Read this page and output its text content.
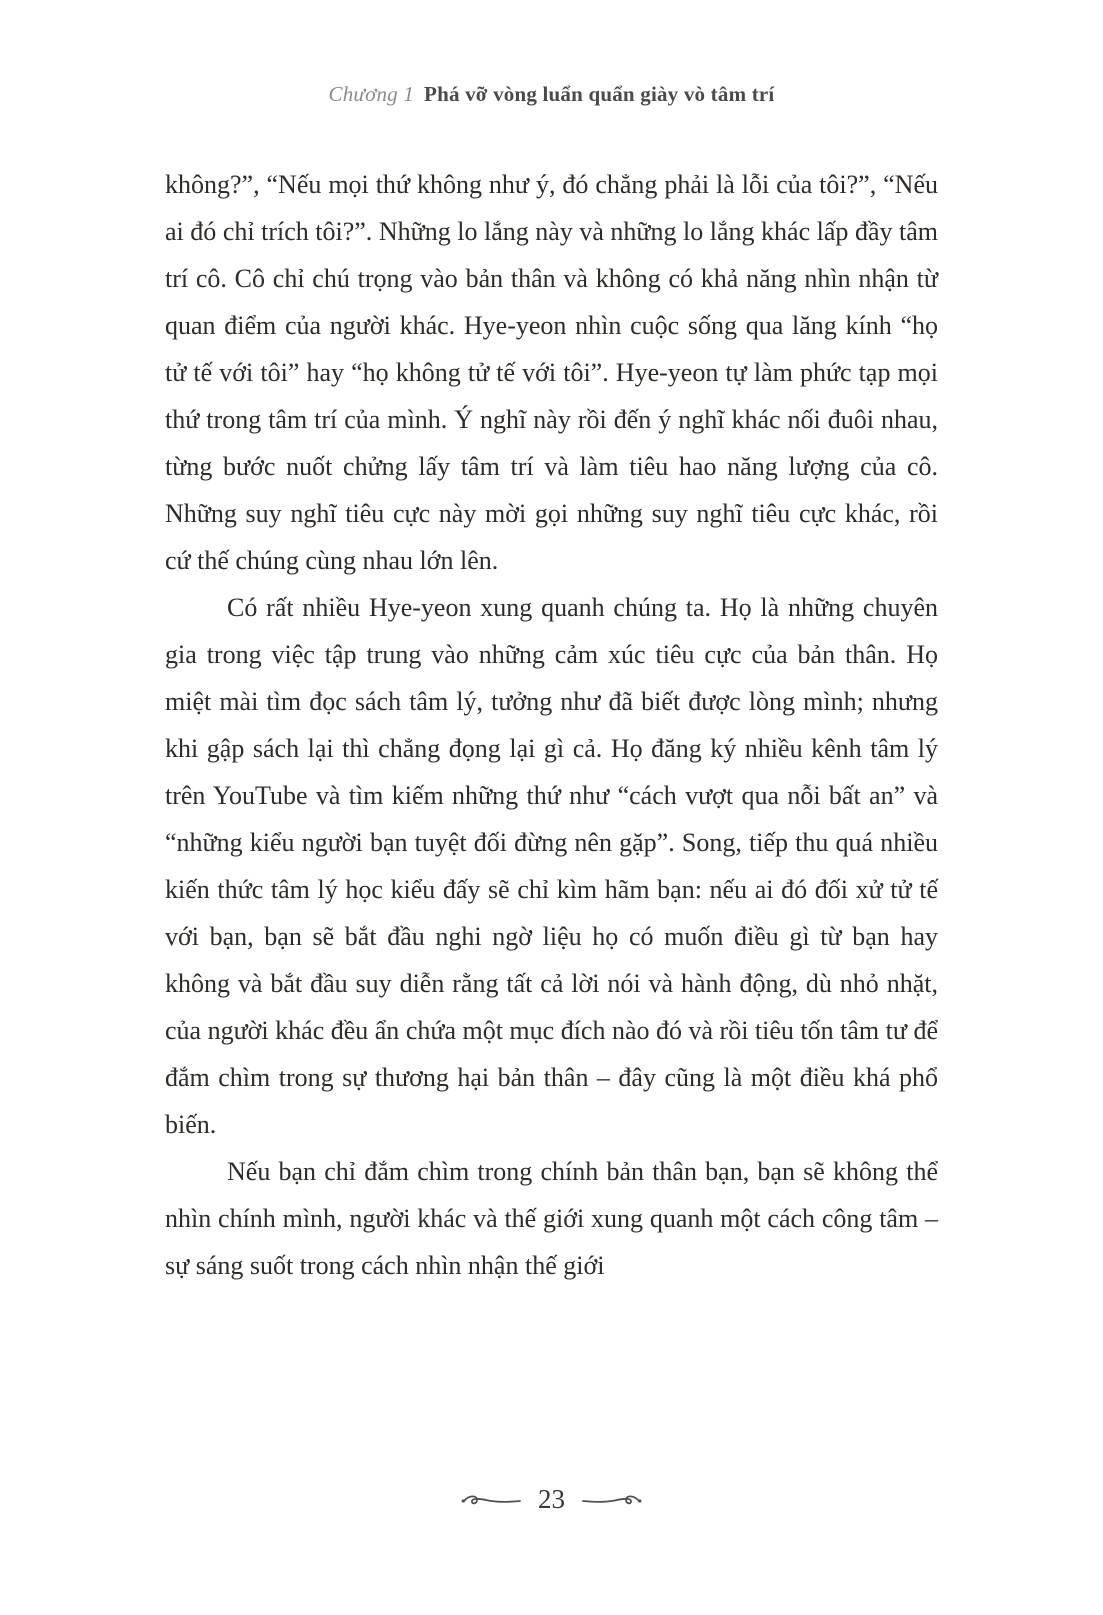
Chương 1 Phá vỡ vòng luẩn quẩn giày vò tâm trí

không?”, “Nếu mọi thứ không như ý, đó chẳng phải là lỗi của tôi?”, “Nếu ai đó chỉ trích tôi?”. Những lo lắng này và những lo lắng khác lấp đầy tâm trí cô. Cô chỉ chú trọng vào bản thân và không có khả năng nhìn nhận từ quan điểm của người khác. Hye-yeon nhìn cuộc sống qua lăng kính “họ tử tế với tôi” hay “họ không tử tế với tôi”. Hye-yeon tự làm phức tạp mọi thứ trong tâm trí của mình. Ý nghĩ này rồi đến ý nghĩ khác nối đuôi nhau, từng bước nuốt chửng lấy tâm trí và làm tiêu hao năng lượng của cô. Những suy nghĩ tiêu cực này mời gọi những suy nghĩ tiêu cực khác, rồi cứ thế chúng cùng nhau lớn lên.

Có rất nhiều Hye-yeon xung quanh chúng ta. Họ là những chuyên gia trong việc tập trung vào những cảm xúc tiêu cực của bản thân. Họ miệt mài tìm đọc sách tâm lý, tưởng như đã biết được lòng mình; nhưng khi gập sách lại thì chẳng đọng lại gì cả. Họ đăng ký nhiều kênh tâm lý trên YouTube và tìm kiếm những thứ như “cách vượt qua nỗi bất an” và “những kiểu người bạn tuyệt đối đừng nên gặp”. Song, tiếp thu quá nhiều kiến thức tâm lý học kiểu đấy sẽ chỉ kìm hãm bạn: nếu ai đó đối xử tử tế với bạn, bạn sẽ bắt đầu nghi ngờ liệu họ có muốn điều gì từ bạn hay không và bắt đầu suy diễn rằng tất cả lời nói và hành động, dù nhỏ nhặt, của người khác đều ẩn chứa một mục đích nào đó và rồi tiêu tốn tâm tư để đắm chìm trong sự thương hại bản thân – đây cũng là một điều khá phổ biến.

Nếu bạn chỉ đắm chìm trong chính bản thân bạn, bạn sẽ không thể nhìn chính mình, người khác và thế giới xung quanh một cách công tâm – sự sáng suốt trong cách nhìn nhận thế giới

23
